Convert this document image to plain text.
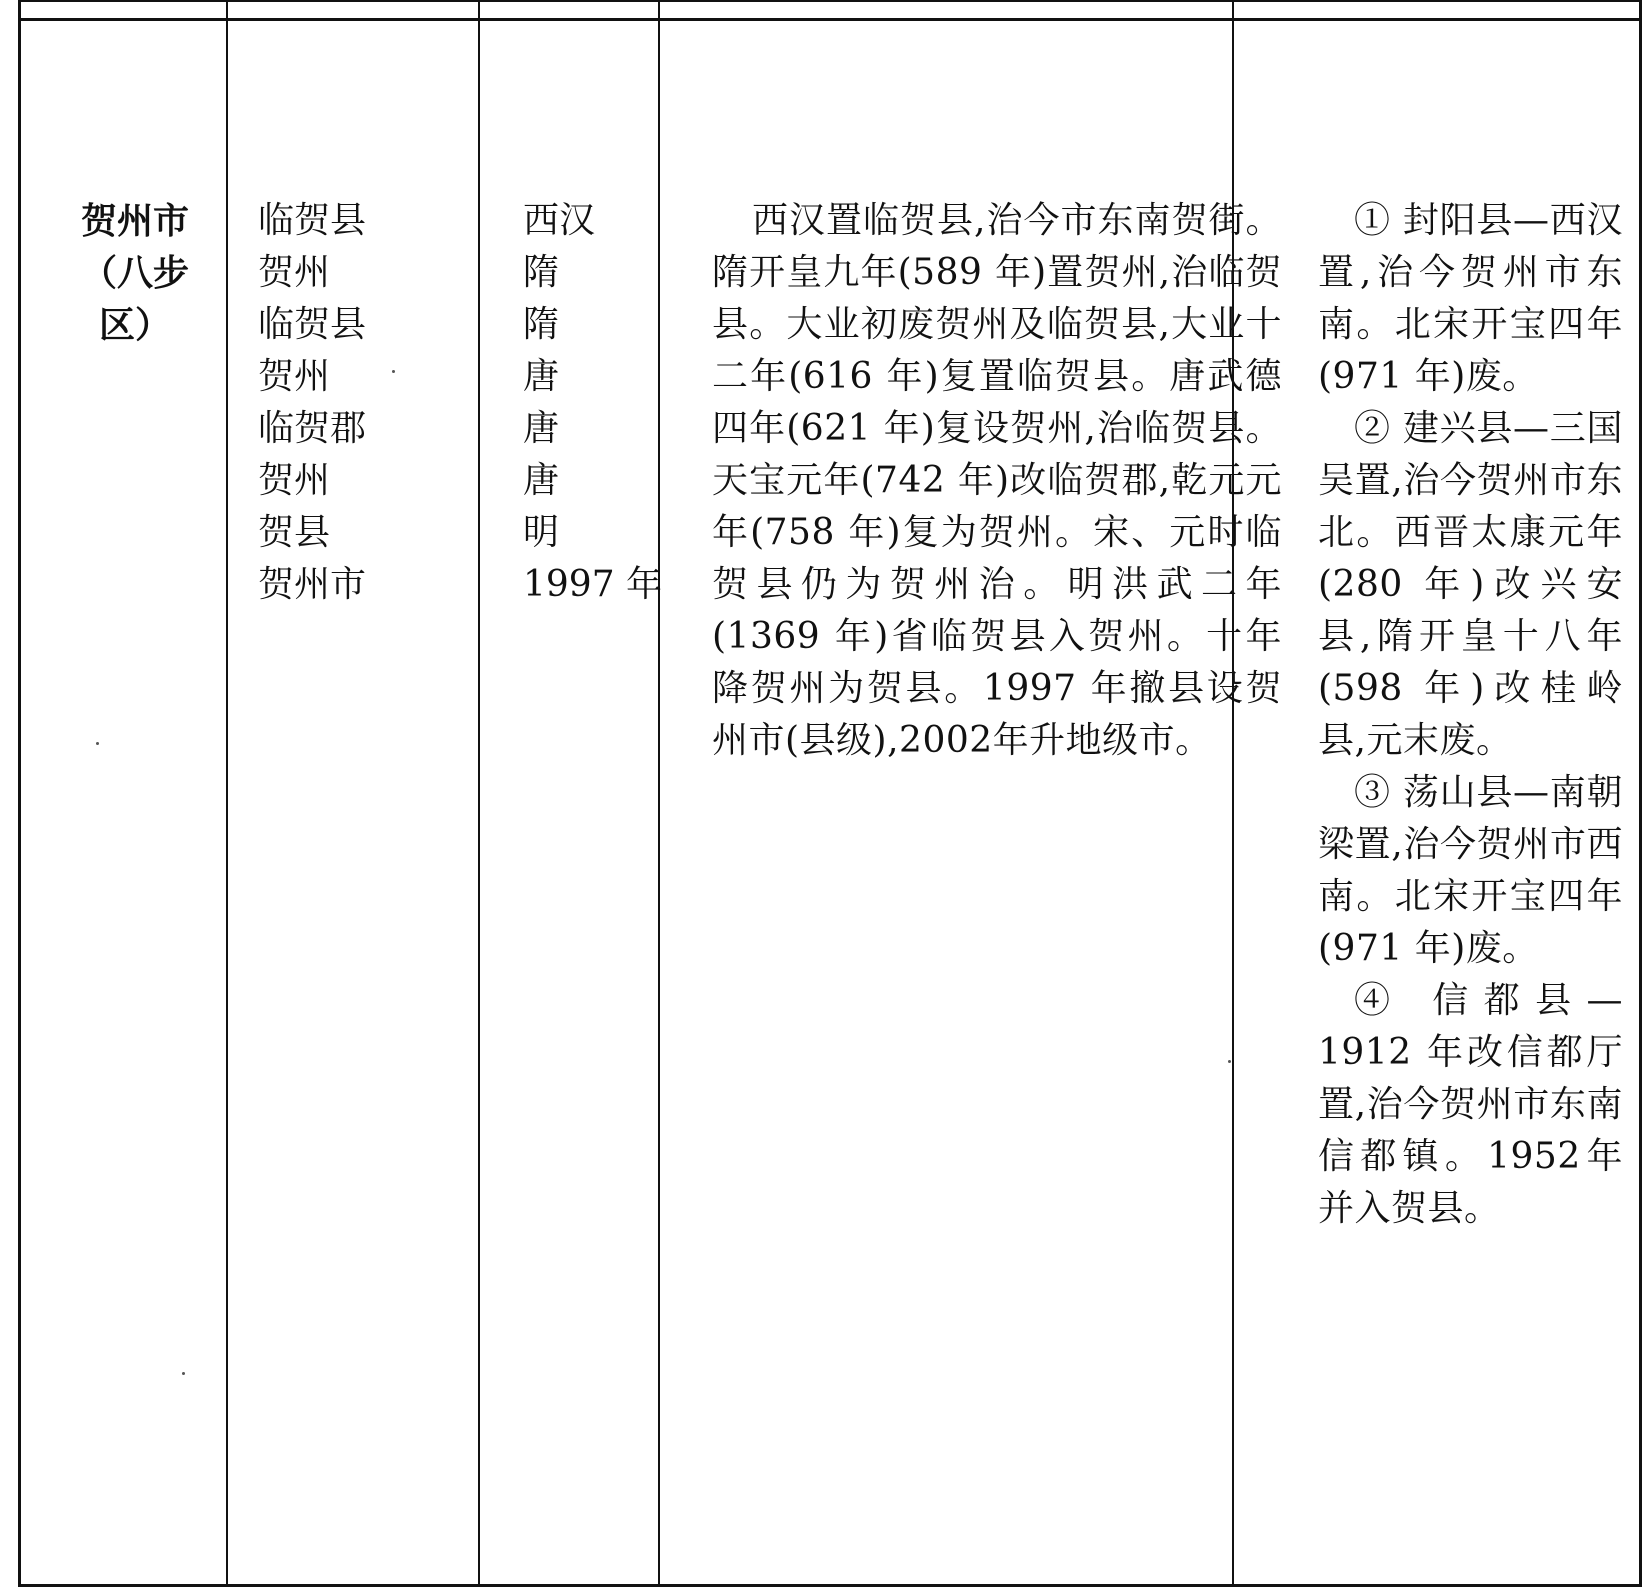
贺州市
（八步区）
临贺县
贺州
临贺县
贺州
临贺郡
贺州
贺县
贺州市
西汉
隋
隋
唐
唐
唐
明
1997 年
西汉置临贺县,治今市东南贺街。隋开皇九年(589 年)置贺州,治临贺县。大业初废贺州及临贺县,大业十二年(616 年)复置临贺县。唐武德四年(621 年)复设贺州,治临贺县。天宝元年(742 年)改临贺郡,乾元元年(758 年)复为贺州。宋、元时临贺县仍为贺州治。明洪武二年(1369 年)省临贺县入贺州。十年降贺州为贺县。1997 年撤县设贺州市(县级),2002年升地级市。

① 封阳县—西汉置,治今贺州市东南。北宋开宝四年(971 年)废。

② 建兴县—三国吴置,治今贺州市东北。西晋太康元年(280 年)改兴安县,隋开皇十八年 (598 年)改桂岭县,元末废。

③ 荡山县—南朝梁置,治今贺州市西南。北宋开宝四年(971 年)废。

④ 信都县—1912 年改信都厅置,治今贺州市东南信都镇。1952年并入贺县。
